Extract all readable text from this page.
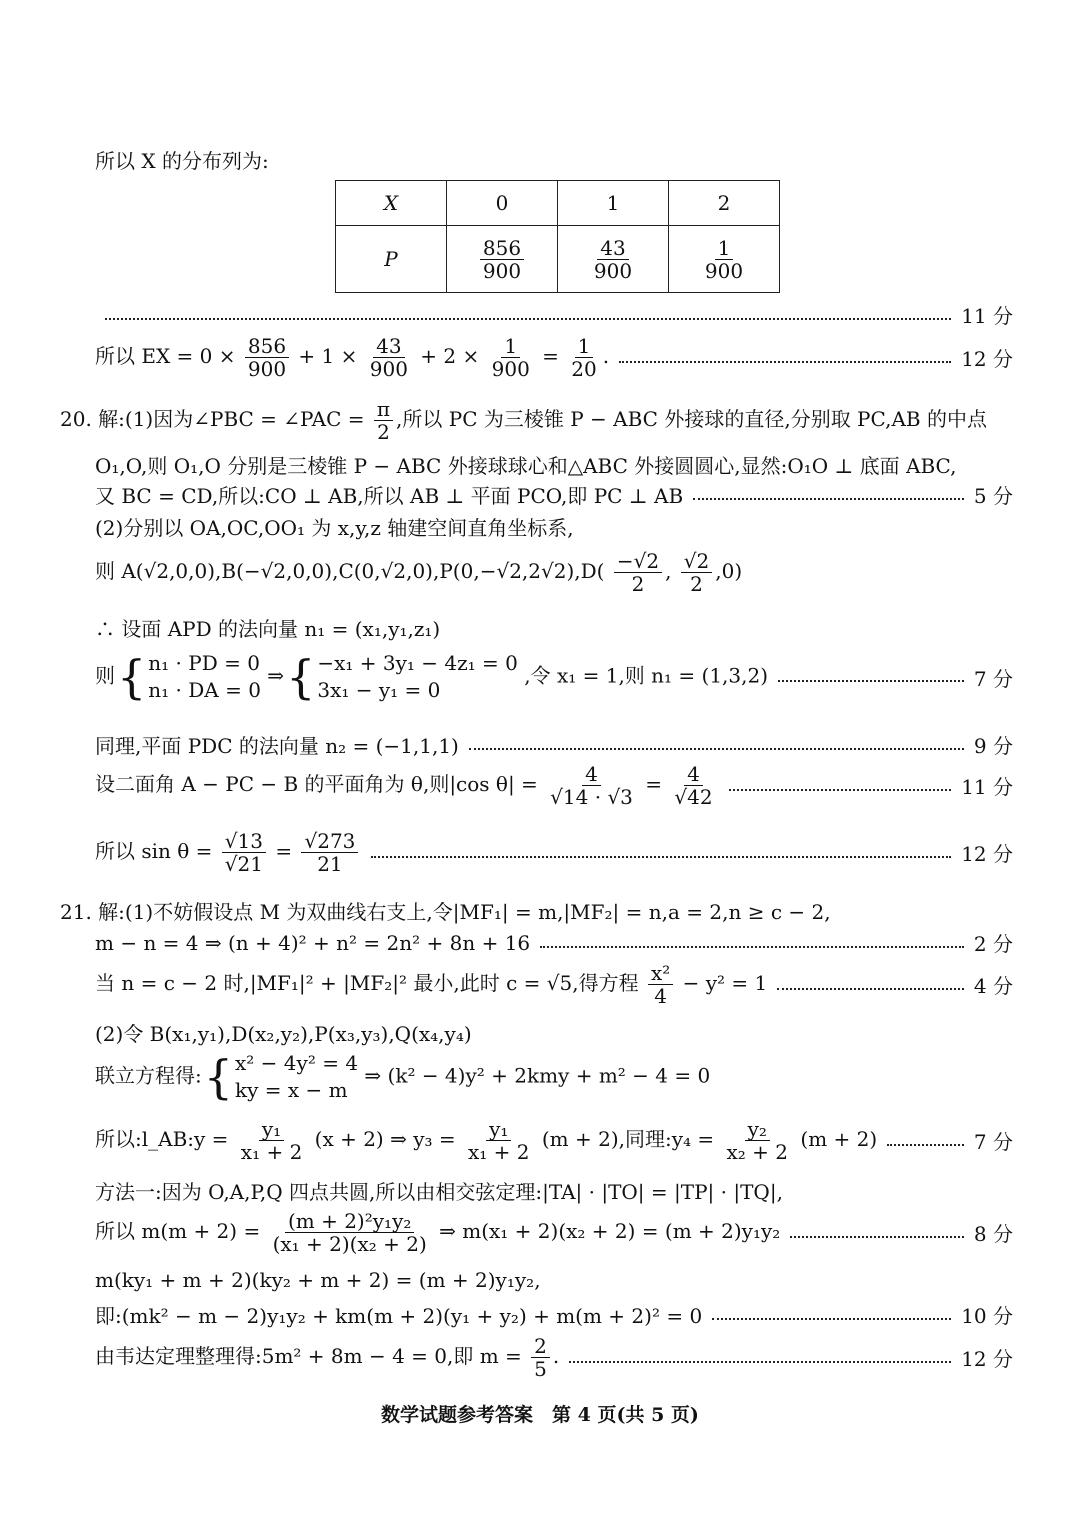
所以 X 的分布列为:
X	0	1	2
P	$\frac{856}{900}$	$\frac{43}{900}$	$\frac{1}{900}$
11 分
所以 EX = $0 \times \frac{856}{900} + 1 \times \frac{43}{900} + 2 \times \frac{1}{900} = \frac{1}{20}$ .	12 分
20. 解:(1)因为∠PBC = ∠PAC = $\frac{\pi}{2}$ ,所以 PC 为三棱锥 P − ABC 外接球的直径,分别取 PC,AB 的中点
O₁,O,则 O₁,O 分别是三棱锥 P − ABC 外接球球心和△ABC 外接圆圆心,显然:O₁O ⊥ 底面 ABC,
又 BC = CD,所以:CO ⊥ AB,所以 AB ⊥ 平面 PCO,即 PC ⊥ AB	5 分
(2)分别以 OA,OC,OO₁ 为 x,y,z 轴建空间直角坐标系,
则 $A(√2,0,0),B(-√2,0,0),C(0,√2,0),P(0,-√2,2√2),D( \frac{-√2}{2}$ , $\frac{√2}{2} ,0$)
∴ 设面 APD 的法向量 n₁ = (x₁,y₁,z₁)
则{ n₁ · PD = 0
n₁ · DA = 0
⇒{ −x₁ + 3y₁ − 4z₁ = 0
3x₁ − y₁ = 0
,令 x₁ = 1,则 n₁ = (1,3,2)	7 分
同理,平面 PDC 的法向量 n₂ = (−1,1,1)	9 分
设二面角 A − PC − B 的平面角为 θ,则|cos $\theta| = \frac{4}{√14 \cdot √3} = \frac{4}{√42}$	11 分
所以 $\sin \theta = \frac{√13}{√21} = \frac{√273}{21}$	12 分
21. 解:(1)不妨假设点 M 为双曲线右支上,令|MF₁| = m,|MF₂| = n,a = 2,n ≥ c − 2,
m − n = 4 ⇒ (n + 4)² + n² = 2n² + 8n + 16	2 分
当 n = c − 2 时,|MF₁|² + |MF₂|² 最小,此时 c = √5,得方程 $\frac{\text{x²}}{4} - y^2 = 1$	4 分
(2)令 B(x₁,y₁),D(x₂,y₂),P(x₃,y₃),Q(x₄,y₄)
联立方程得:{ x² − 4y² = 4
ky = x − m
⇒ (k² − 4)y² + 2kmy + m² − 4 = 0
所以:l_AB:y = $\frac{\text{y₁}}{\text{x₁ + 2}} (x + 2)$ ⇒ $y_3 = \frac{\text{y₁}}{\text{x₁ + 2}} (m + 2)$,同理:y₄ = $\frac{\text{y₂}}{\text{x₂ + 2}} (m + 2)$	7 分
方法一:因为 O,A,P,Q 四点共圆,所以由相交弦定理:|TA| · |TO| = |TP| · |TQ|,
所以 $m(m + 2) = \frac{\text{(m + 2)²y₁y₂}}{\text{(x₁ + 2)(x₂ + 2)}}$ ⇒ m(x₁ + 2)(x₂ + 2) = (m + 2)y₁y₂	8 分
m(ky₁ + m + 2)(ky₂ + m + 2) = (m + 2)y₁y₂,
即:(mk² − m − 2)y₁y₂ + km(m + 2)(y₁ + y₂) + m(m + 2)² = 0	10 分
由韦达定理整理得:5m² + 8m − 4 = 0,即 $m = \frac{2}{5}$ .	12 分
数学试题参考答案　第 4 页(共 5 页)
